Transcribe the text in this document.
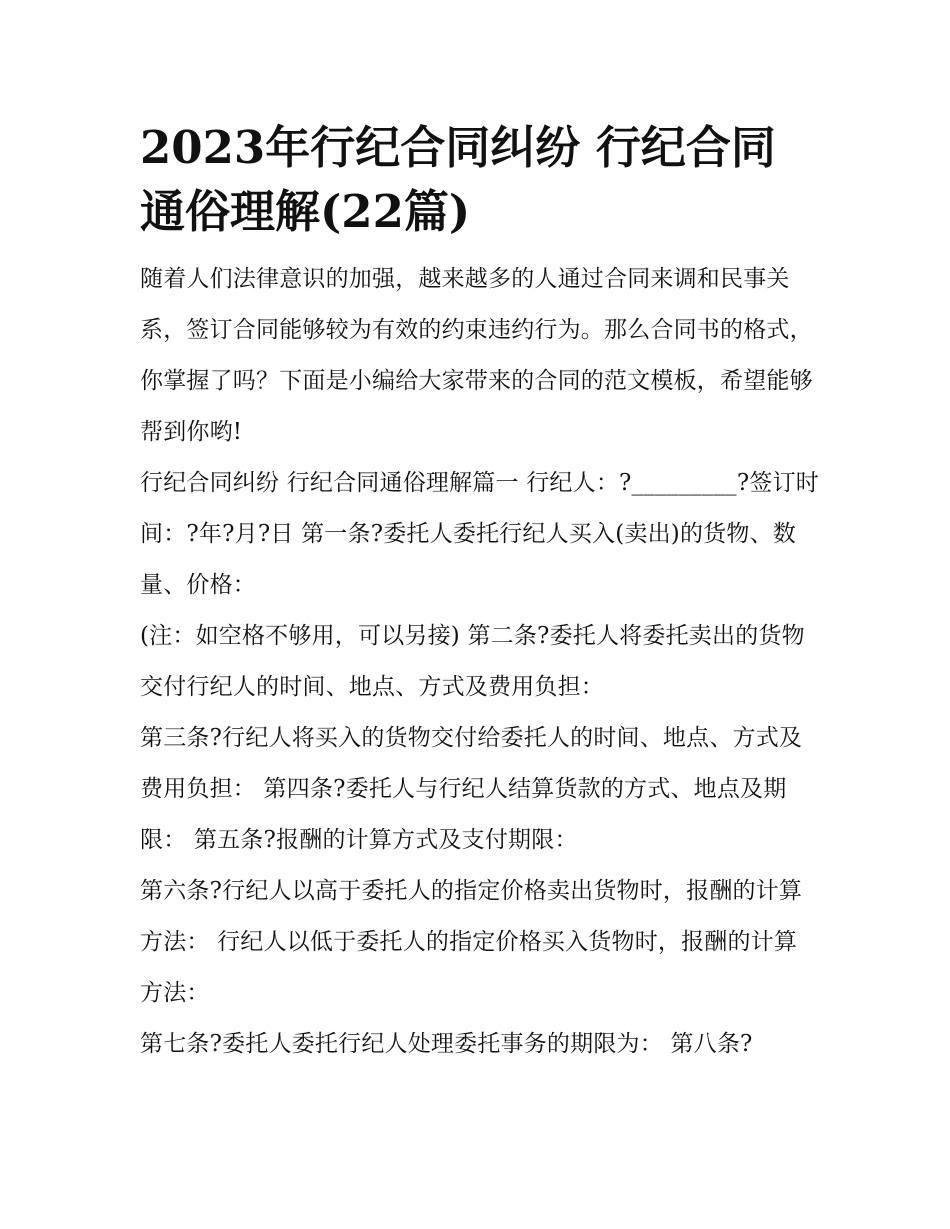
2023年行纪合同纠纷 行纪合同通俗理解(22篇)

随着人们法律意识的加强，越来越多的人通过合同来调和民事关系，签订合同能够较为有效的约束违约行为。那么合同书的格式，你掌握了吗？下面是小编给大家带来的合同的范文模板，希望能够帮到你哟!

行纪合同纠纷 行纪合同通俗理解篇一 行纪人：?_________?签订时间：?年?月?日 第一条?委托人委托行纪人买入(卖出)的货物、数量、价格：

(注：如空格不够用，可以另接) 第二条?委托人将委托卖出的货物交付行纪人的时间、地点、方式及费用负担：

第三条?行纪人将买入的货物交付给委托人的时间、地点、方式及费用负担： 第四条?委托人与行纪人结算货款的方式、地点及期限： 第五条?报酬的计算方式及支付期限：

第六条?行纪人以高于委托人的指定价格卖出货物时，报酬的计算方法： 行纪人以低于委托人的指定价格买入货物时，报酬的计算方法：

第七条?委托人委托行纪人处理委托事务的期限为： 第八条?
